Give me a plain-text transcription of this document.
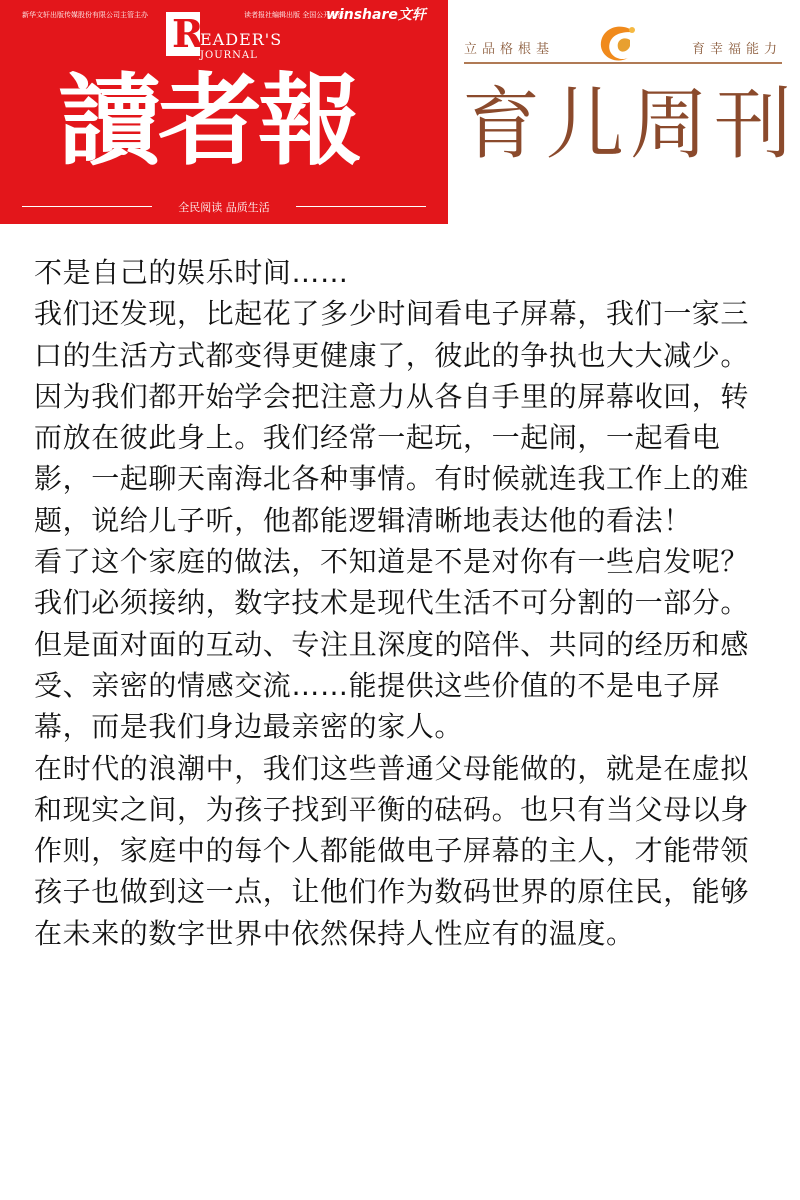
新华文轩出版传媒股份有限公司主管主办	读者报社编辑出版 全国公开发行
winshare文轩
R
EADER'S
JOURNAL
讀者報
全民阅读 品质生活
立品格根基	育幸福能力
育儿周刊

不是自己的娱乐时间……

我们还发现，比起花了多少时间看电子屏幕，我们一家三口的生活方式都变得更健康了，彼此的争执也大大减少。因为我们都开始学会把注意力从各自手里的屏幕收回，转而放在彼此身上。我们经常一起玩，一起闹，一起看电影，一起聊天南海北各种事情。有时候就连我工作上的难题，说给儿子听，他都能逻辑清晰地表达他的看法！

看了这个家庭的做法，不知道是不是对你有一些启发呢？

我们必须接纳，数字技术是现代生活不可分割的一部分。但是面对面的互动、专注且深度的陪伴、共同的经历和感受、亲密的情感交流……能提供这些价值的不是电子屏幕，而是我们身边最亲密的家人。

在时代的浪潮中，我们这些普通父母能做的，就是在虚拟和现实之间，为孩子找到平衡的砝码。也只有当父母以身作则，家庭中的每个人都能做电子屏幕的主人，才能带领孩子也做到这一点，让他们作为数码世界的原住民，能够在未来的数字世界中依然保持人性应有的温度。
